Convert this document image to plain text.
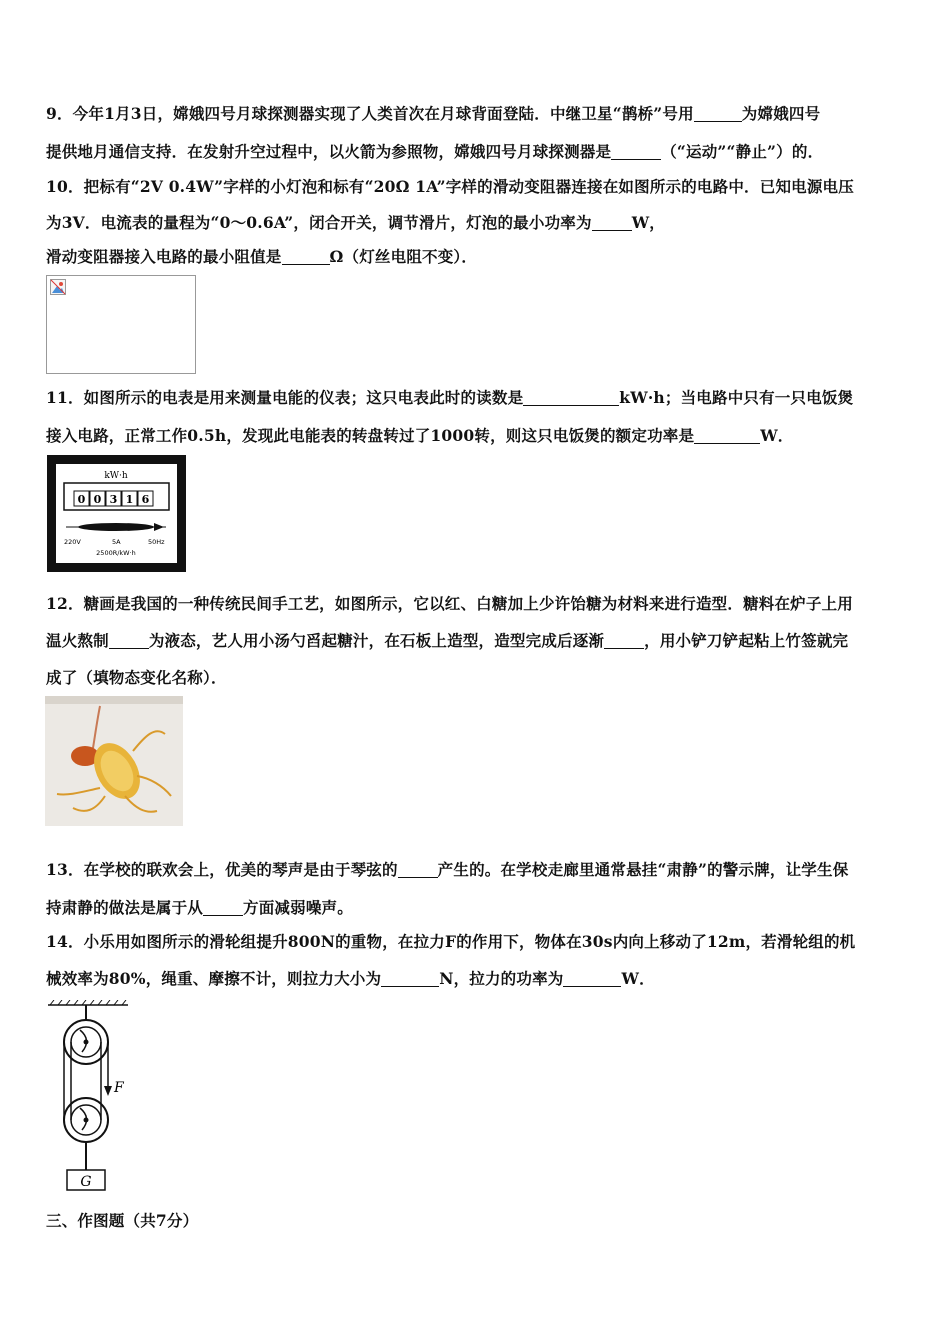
9．今年1月3日，嫦娥四号月球探测器实现了人类首次在月球背面登陆．中继卫星“鹊桥”号用	为嫦娥四号
提供地月通信支持．在发射升空过程中，以火箭为参照物，嫦娥四号月球探测器是	（“运动”“静止”）的．
10．把标有“2V 0.4W”字样的小灯泡和标有“20Ω 1A”字样的滑动变阻器连接在如图所示的电路中．已知电源电压
为3V．电流表的量程为“0～0.6A”，闭合开关，调节滑片，灯泡的最小功率为	W，
滑动变阻器接入电路的最小阻值是	Ω（灯丝电阻不变）．
11．如图所示的电表是用来测量电能的仪表；这只电表此时的读数是	kW·h；当电路中只有一只电饭煲
接入电路，正常工作0.5h，发现此电能表的转盘转过了1000转，则这只电饭煲的额定功率是	W．
kW·h
0 0 3 1 6
220V	5A	50Hz
2500R/kW·h
12．糖画是我国的一种传统民间手工艺，如图所示，它以红、白糖加上少许饴糖为材料来进行造型．糖料在炉子上用
温火熬制	为液态，艺人用小汤勺舀起糖汁，在石板上造型，造型完成后逐渐	，用小铲刀铲起粘上竹签就完
成了（填物态变化名称）．
13．在学校的联欢会上，优美的琴声是由于琴弦的	产生的。在学校走廊里通常悬挂“肃静”的警示牌，让学生保
持肃静的做法是属于从	方面减弱噪声。
14．小乐用如图所示的滑轮组提升800N的重物，在拉力F的作用下，物体在30s内向上移动了12m，若滑轮组的机
械效率为80%，绳重、摩擦不计，则拉力大小为	N，拉力的功率为	W．
F
G
三、作图题（共7分）
